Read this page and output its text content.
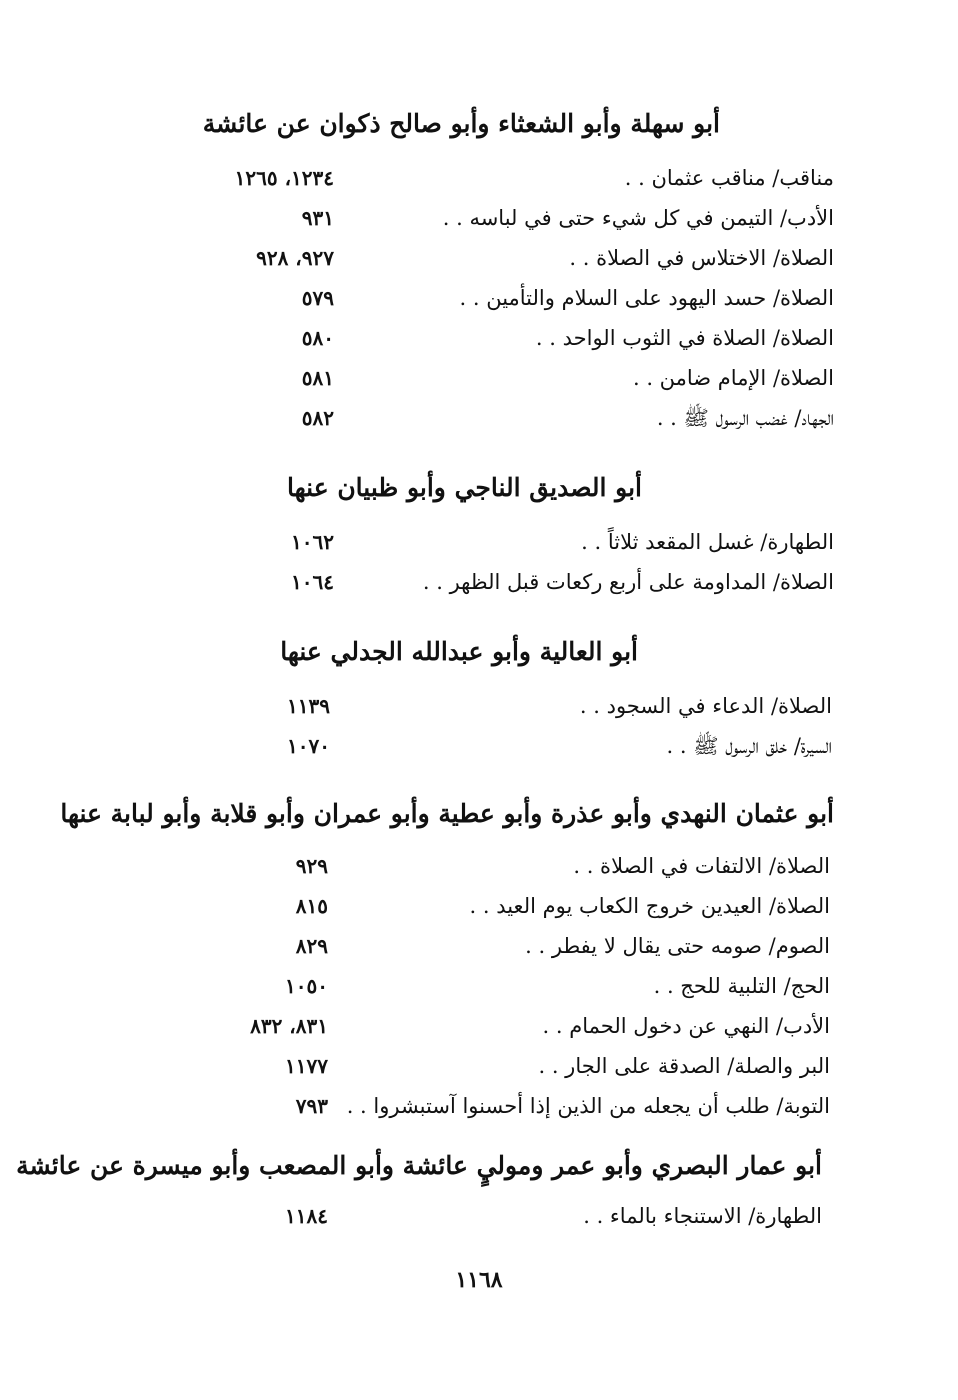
أبو سهلة وأبو الشعثاء وأبو صالح ذكوان عن عائشة
مناقب/ مناقب عثمان . .
١٢٣٤، ١٢٦٥
الأدب/ التيمن في كل شيء حتى في لباسه . .
٩٣١
الصلاة/ الاختلاس في الصلاة . .
٩٢٧، ٩٢٨
الصلاة/ حسد اليهود على السلام والتأمين . .
٥٧٩
الصلاة/ الصلاة في الثوب الواحد . .
٥٨٠
الصلاة/ الإمام ضامن . .
٥٨١
الجهاد/ غضب الرسول ﷺ . .
٥٨٢
أبو الصديق الناجي وأبو ظبيان عنها
الطهارة/ غسل المقعد ثلاثاً . .
١٠٦٢
الصلاة/ المداومة على أربع ركعات قبل الظهر . .
١٠٦٤
أبو العالية وأبو عبدالله الجدلي عنها
الصلاة/ الدعاء في السجود . .
١١٣٩
السيرة/ خلق الرسول ﷺ . .
١٠٧٠
أبو عثمان النهدي وأبو عذرة وأبو عطية وأبو عمران وأبو قلابة وأبو لبابة عنها
الصلاة/ الالتفات في الصلاة . .
٩٢٩
الصلاة/ العيدين خروج الكعاب يوم العيد . .
٨١٥
الصوم/ صومه حتى يقال لا يفطر . .
٨٢٩
الحج/ التلبية للحج . .
١٠٥٠
الأدب/ النهي عن دخول الحمام . .
٨٣١، ٨٣٢
البر والصلة/ الصدقة على الجار . .
١١٧٧
التوبة/ طلب أن يجعله من الذين إذا أحسنوا آستبشروا . .
٧٩٣
أبو عمار البصري وأبو عمر وموليٍ عائشة وأبو المصعب وأبو ميسرة عن عائشة
الطهارة/ الاستنجاء بالماء . .
١١٨٤
١١٦٨
